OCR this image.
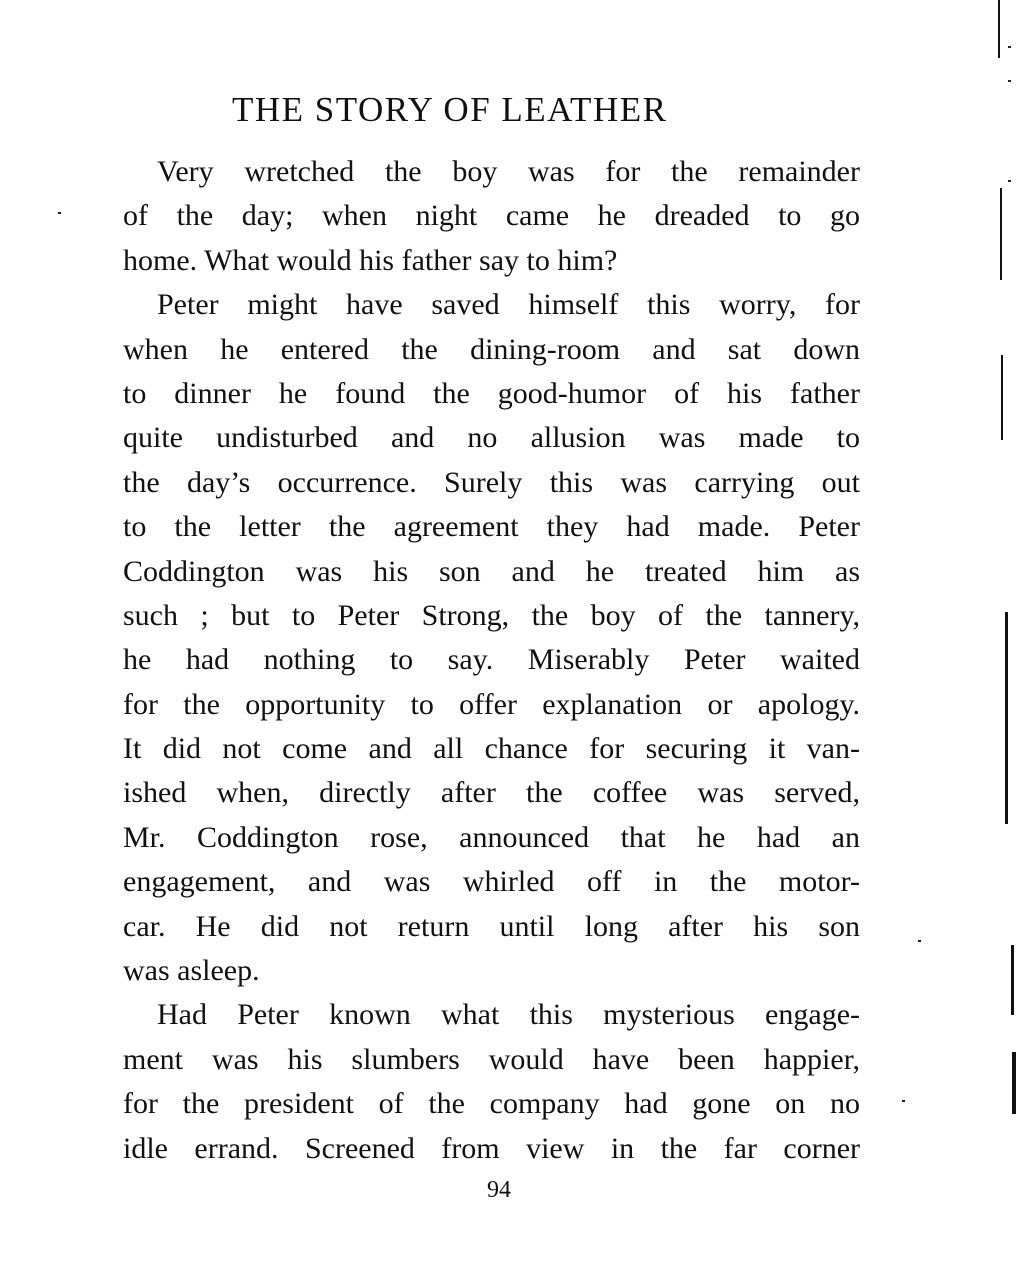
THE STORY OF LEATHER
Very wretched the boy was for the remainder
of the day; when night came he dreaded to go
home. What would his father say to him?
Peter might have saved himself this worry, for
when he entered the dining-room and sat down
to dinner he found the good-humor of his father
quite undisturbed and no allusion was made to
the day’s occurrence. Surely this was carrying out
to the letter the agreement they had made. Peter
Coddington was his son and he treated him as
such ; but to Peter Strong, the boy of the tannery,
he had nothing to say. Miserably Peter waited
for the opportunity to offer explanation or apology.
It did not come and all chance for securing it van-
ished when, directly after the coffee was served,
Mr. Coddington rose, announced that he had an
engagement, and was whirled off in the motor-
car. He did not return until long after his son
was asleep.
Had Peter known what this mysterious engage-
ment was his slumbers would have been happier,
for the president of the company had gone on no
idle errand. Screened from view in the far corner
94
